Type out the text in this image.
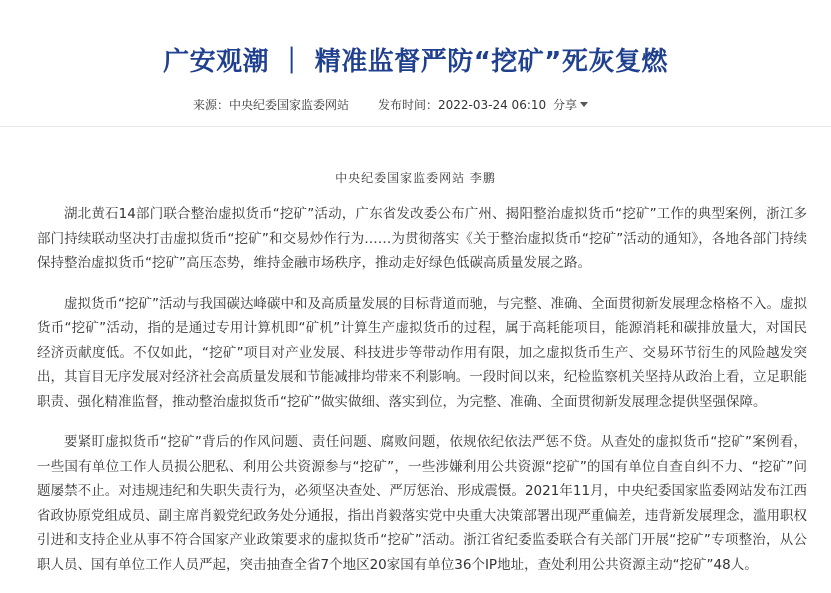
广安观潮 ｜ 精准监督严防“挖矿”死灰复燃
来源：中央纪委国家监委网站 发布时间：2022-03-24 06:10 分享
中央纪委国家监委网站 李鹏

湖北黄石14部门联合整治虚拟货币“挖矿”活动，广东省发改委公布广州、揭阳整治虚拟货币“挖矿”工作的典型案例，浙江多部门持续联动坚决打击虚拟货币“挖矿”和交易炒作行为……为贯彻落实《关于整治虚拟货币“挖矿”活动的通知》，各地各部门持续保持整治虚拟货币“挖矿”高压态势，维持金融市场秩序，推动走好绿色低碳高质量发展之路。

虚拟货币“挖矿”活动与我国碳达峰碳中和及高质量发展的目标背道而驰，与完整、准确、全面贯彻新发展理念格格不入。虚拟货币“挖矿”活动，指的是通过专用计算机即“矿机”计算生产虚拟货币的过程，属于高耗能项目，能源消耗和碳排放量大，对国民经济贡献度低。不仅如此，“挖矿”项目对产业发展、科技进步等带动作用有限，加之虚拟货币生产、交易环节衍生的风险越发突出，其盲目无序发展对经济社会高质量发展和节能减排均带来不利影响。一段时间以来，纪检监察机关坚持从政治上看，立足职能职责、强化精准监督，推动整治虚拟货币“挖矿”做实做细、落实到位，为完整、准确、全面贯彻新发展理念提供坚强保障。

要紧盯虚拟货币“挖矿”背后的作风问题、责任问题、腐败问题，依规依纪依法严惩不贷。从查处的虚拟货币“挖矿”案例看，一些国有单位工作人员损公肥私、利用公共资源参与“挖矿”，一些涉嫌利用公共资源“挖矿”的国有单位自查自纠不力、“挖矿”问题屡禁不止。对违规违纪和失职失责行为，必须坚决查处、严厉惩治、形成震慑。2021年11月，中央纪委国家监委网站发布江西省政协原党组成员、副主席肖毅党纪政务处分通报，指出肖毅落实党中央重大决策部署出现严重偏差，违背新发展理念，滥用职权引进和支持企业从事不符合国家产业政策要求的虚拟货币“挖矿”活动。浙江省纪委监委联合有关部门开展“挖矿”专项整治，从公职人员、国有单位工作人员严起，突击抽查全省7个地区20家国有单位36个IP地址，查处利用公共资源主动“挖矿”48人。
